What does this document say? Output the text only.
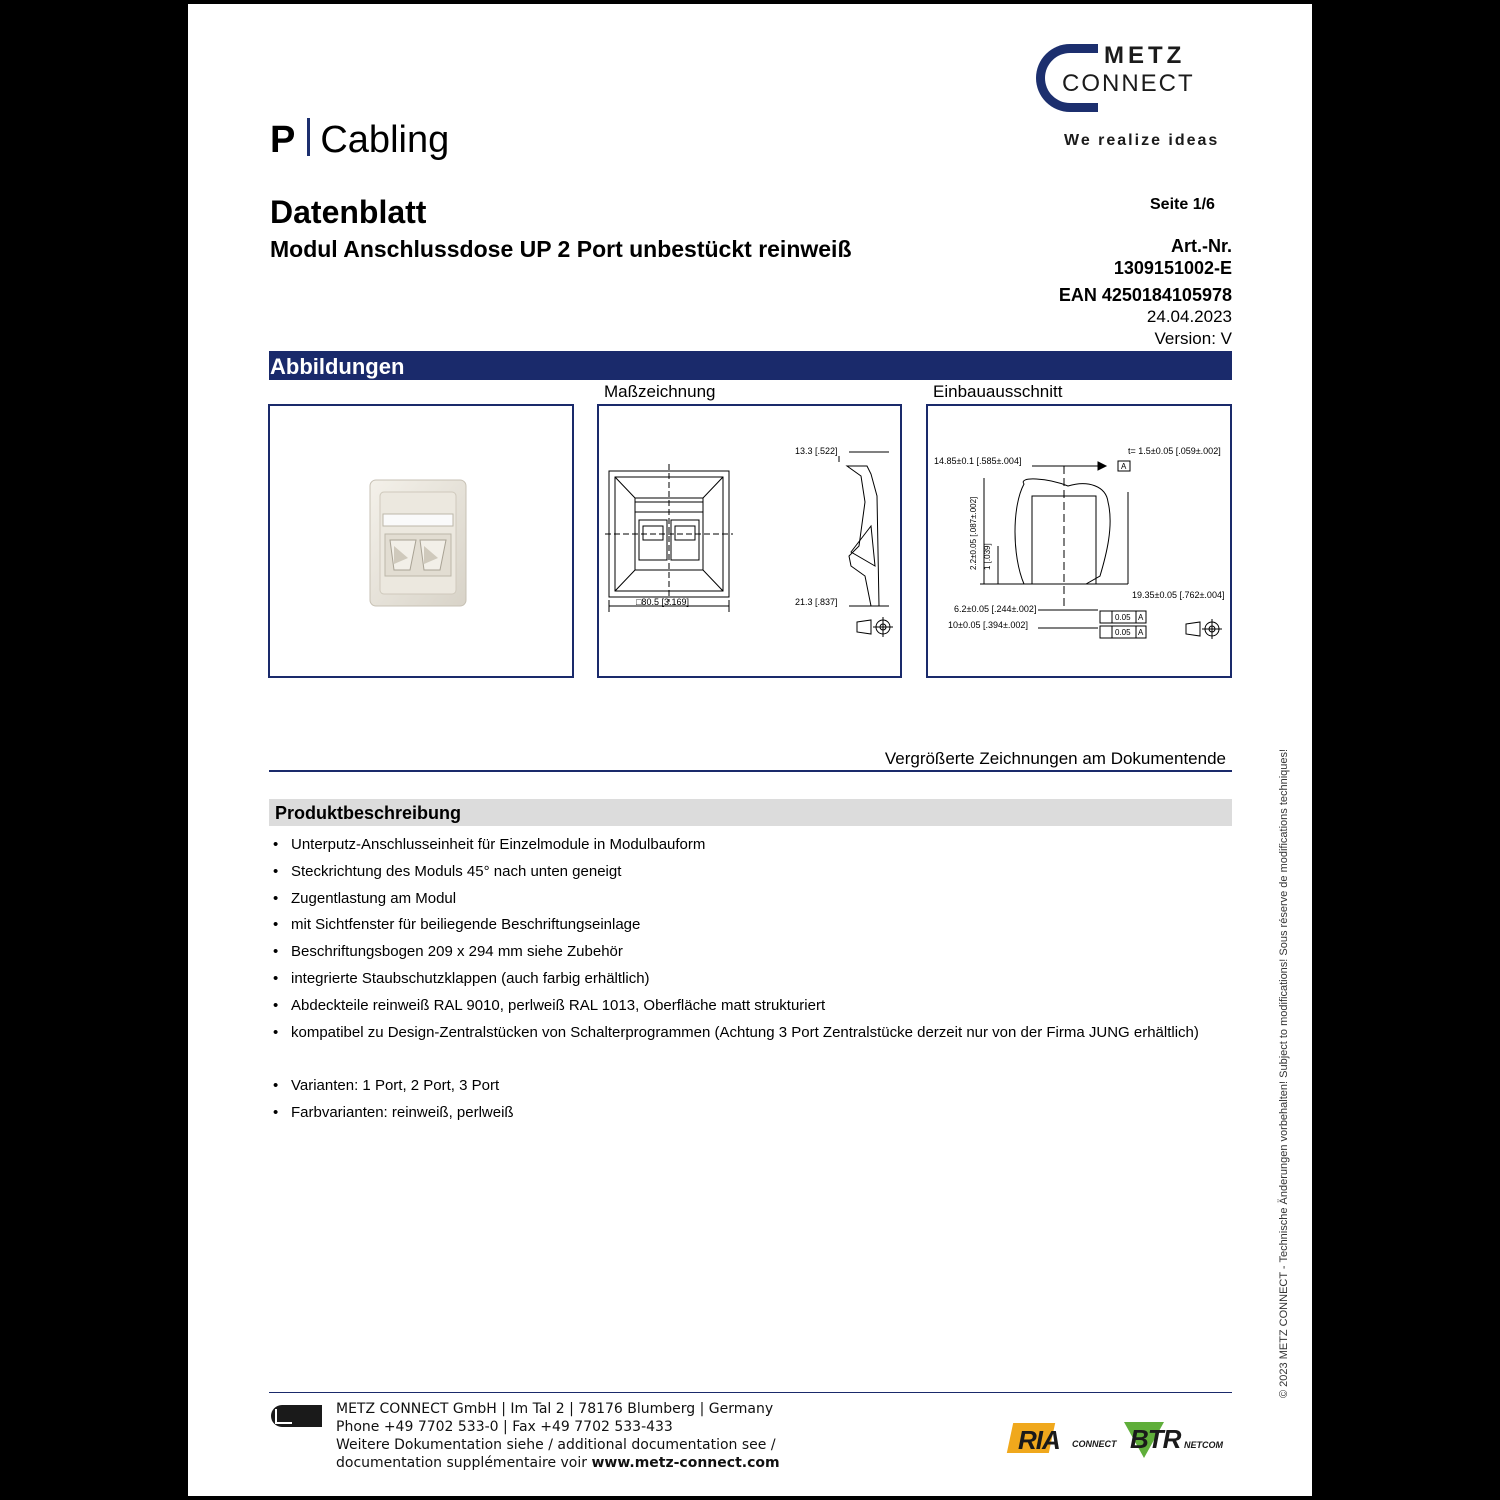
METZ
CONNECT
We realize ideas
P Cabling
Datenblatt
Modul Anschlussdose UP 2 Port unbestückt reinweiß
Seite 1/6
Art.-Nr.
1309151002-E
EAN 4250184105978
24.04.2023
Version: V
Abbildungen
Maßzeichnung	Einbauausschnitt
□80.5 [3.169]
13.3 [.522]
21.3 [.837]
t= 1.5±0.05 [.059±.002]
14.85±0.1 [.585±.004]
A
2.2±0.05 [.087±.002] 1 [.039]
19.35±0.05 [.762±.004]
6.2±0.05 [.244±.002]
10±0.05 [.394±.002]
0.05
0.05
A
A
Vergrößerte Zeichnungen am Dokumentende
Produktbeschreibung
• Unterputz-Anschlusseinheit für Einzelmodule in Modulbauform
• Steckrichtung des Moduls 45° nach unten geneigt
• Zugentlastung am Modul
• mit Sichtfenster für beiliegende Beschriftungseinlage
• Beschriftungsbogen 209 x 294 mm siehe Zubehör
• integrierte Staubschutzklappen (auch farbig erhältlich)
• Abdeckteile reinweiß RAL 9010, perlweiß RAL 1013, Oberfläche matt strukturiert
• kompatibel zu Design-Zentralstücken von Schalterprogrammen (Achtung 3 Port Zentralstücke derzeit nur von der Firma JUNG erhältlich)
• Varianten: 1 Port, 2 Port, 3 Port
• Farbvarianten: reinweiß, perlweiß	© 2023 METZ CONNECT - Technische Änderungen vorbehalten! Subject to modifications! Sous réserve de modifications techniques!
METZ CONNECT GmbH | Im Tal 2 | 78176 Blumberg | Germany
Phone +49 7702 533-0 | Fax +49 7702 533-433
Weitere Dokumentation siehe / additional documentation see /
documentation supplémentaire voir www.metz-connect.com
RIA CONNECT BTR NETCOM
